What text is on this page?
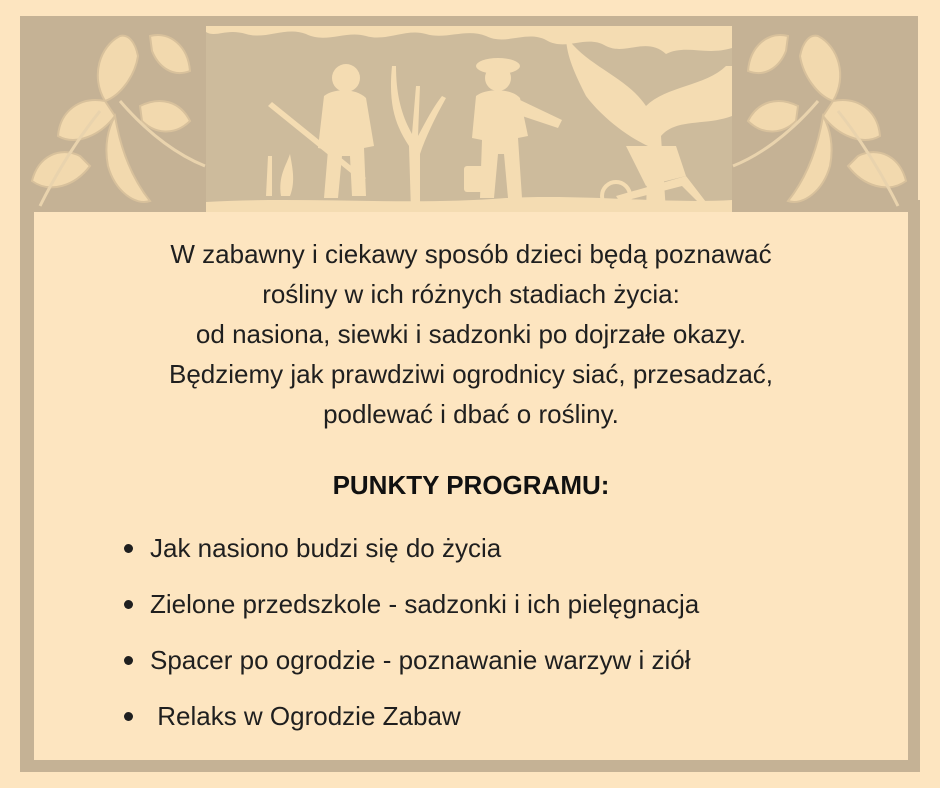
W zabawny i ciekawy sposób dzieci będą poznawać
rośliny w ich różnych stadiach życia:
od nasiona, siewki i sadzonki po dojrzałe okazy.
Będziemy jak prawdziwi ogrodnicy siać, przesadzać,
podlewać i dbać o rośliny.
PUNKTY PROGRAMU:
Jak nasiono budzi się do życia
Zielone przedszkole - sadzonki i ich pielęgnacja
Spacer po ogrodzie - poznawanie warzyw i ziół
Relaks w Ogrodzie Zabaw
